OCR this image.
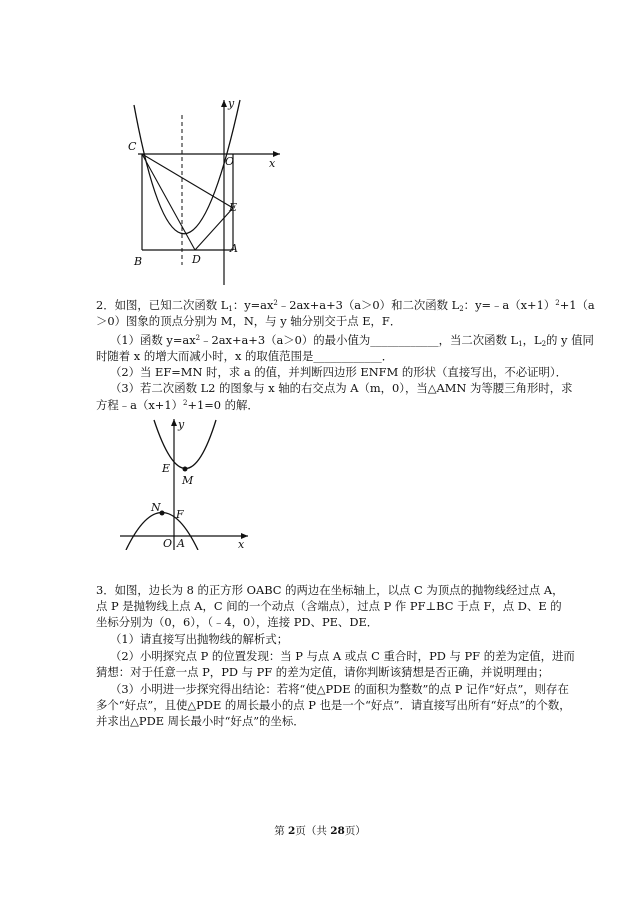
C
O	x
y
E
A
B	D
2．如图，已知二次函数 $L_1$：$y=ax^2﹣2ax+a+3(a>0)$和二次函数 $L_2$：$y=﹣a(x+1)^2+1(a$
＞0）图象的顶点分别为 M，N，与 y 轴分别交于点 E，F．
（1）函数 $y=ax^2﹣2ax+a+3(a>0)$的最小值为____________，当二次函数 $L_1$，$L_2$的 y 值同
时随着 x 的增大而减小时，x 的取值范围是____________．
（2）当 EF=MN 时，求 a 的值，并判断四边形 ENFM 的形状（直接写出，不必证明）．
（3）若二次函数 L2 的图象与 x 轴的右交点为 A（m，0），当△AMN 为等腰三角形时，求
方程$﹣a(x+1)^2+1=0$ 的解．
y
E
M
N
F
O A	x
3．如图，边长为 8 的正方形 OABC 的两边在坐标轴上，以点 C 为顶点的抛物线经过点 A，
点 P 是抛物线上点 A，C 间的一个动点（含端点），过点 P 作 PF⊥BC 于点 F，点 D、E 的
坐标分别为（0，6），（﹣4，0），连接 PD、PE、DE．
（1）请直接写出抛物线的解析式；
（2）小明探究点 P 的位置发现：当 P 与点 A 或点 C 重合时，PD 与 PF 的差为定值，进而
猜想：对于任意一点 P，PD 与 PF 的差为定值，请你判断该猜想是否正确，并说明理由；
（3）小明进一步探究得出结论：若将“使△PDE 的面积为整数”的点 P 记作“好点”，则存在
多个“好点”，且使△PDE 的周长最小的点 P 也是一个“好点”．请直接写出所有“好点”的个数，
并求出△PDE 周长最小时“好点”的坐标．
第 2页（共 28页）
